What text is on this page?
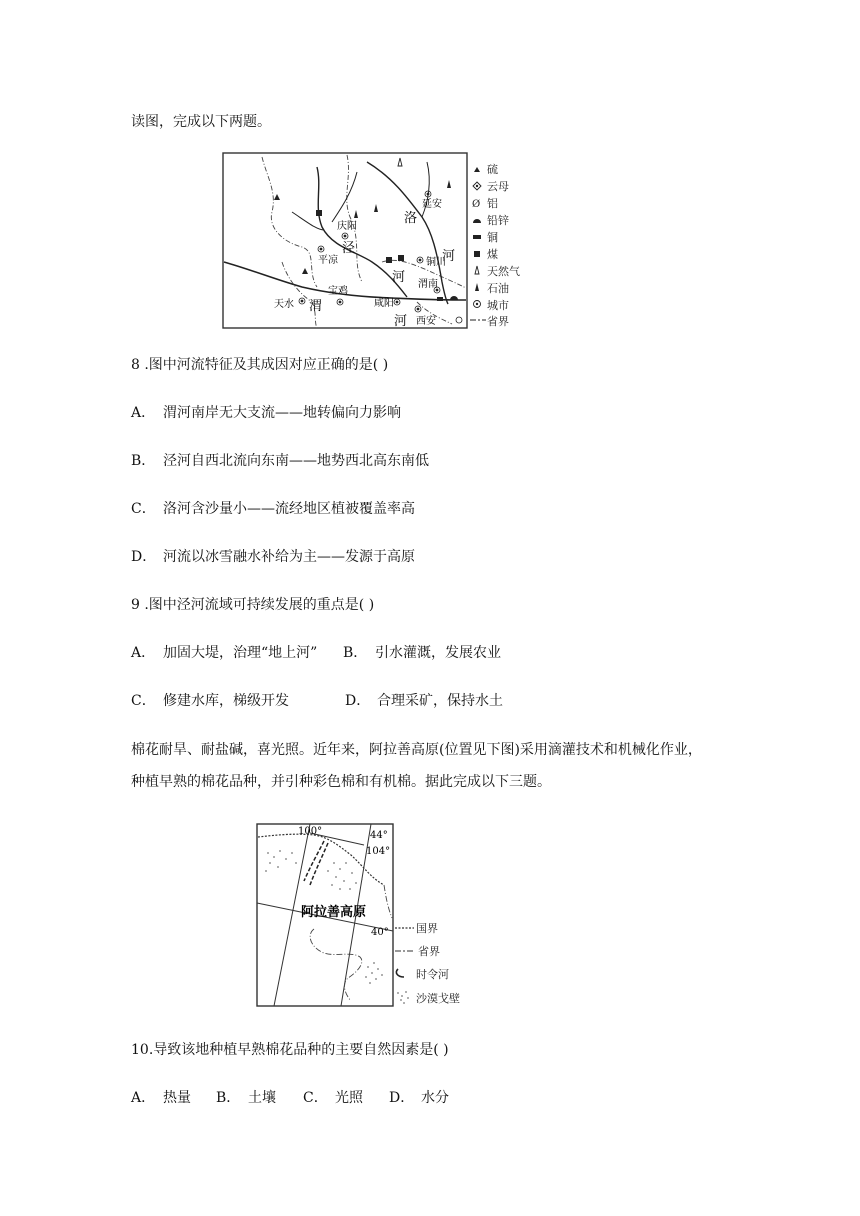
读图，完成以下两题。
延安
庆阳
平凉	铜川
渭南
天水
宝鸡
咸阳
西安
泾
洛
河
河
渭
河
硫
云母
Ø 铝
铅锌
铜
煤
天然气
石油
城市
省界
8 .图中河流特征及其成因对应正确的是( )
A． 渭河南岸无大支流——地转偏向力影响
B． 泾河自西北流向东南——地势西北高东南低
C． 洛河含沙量小——流经地区植被覆盖率高
D． 河流以冰雪融水补给为主——发源于高原
9 .图中泾河流域可持续发展的重点是( )
A． 加固大堤，治理“地上河” B． 引水灌溉，发展农业
C． 修建水库，梯级开发	D． 合理采矿，保持水土
棉花耐旱、耐盐碱，喜光照。近年来，阿拉善高原(位置见下图)采用滴灌技术和机械化作业，
种植早熟的棉花品种，并引种彩色棉和有机棉。据此完成以下三题。
100°	44°
104°
40°
阿拉善高原
国界
省界
时令河
沙漠戈壁
10.导致该地种植早熟棉花品种的主要自然因素是( )
A． 热量 B． 土壤 C． 光照 D． 水分
